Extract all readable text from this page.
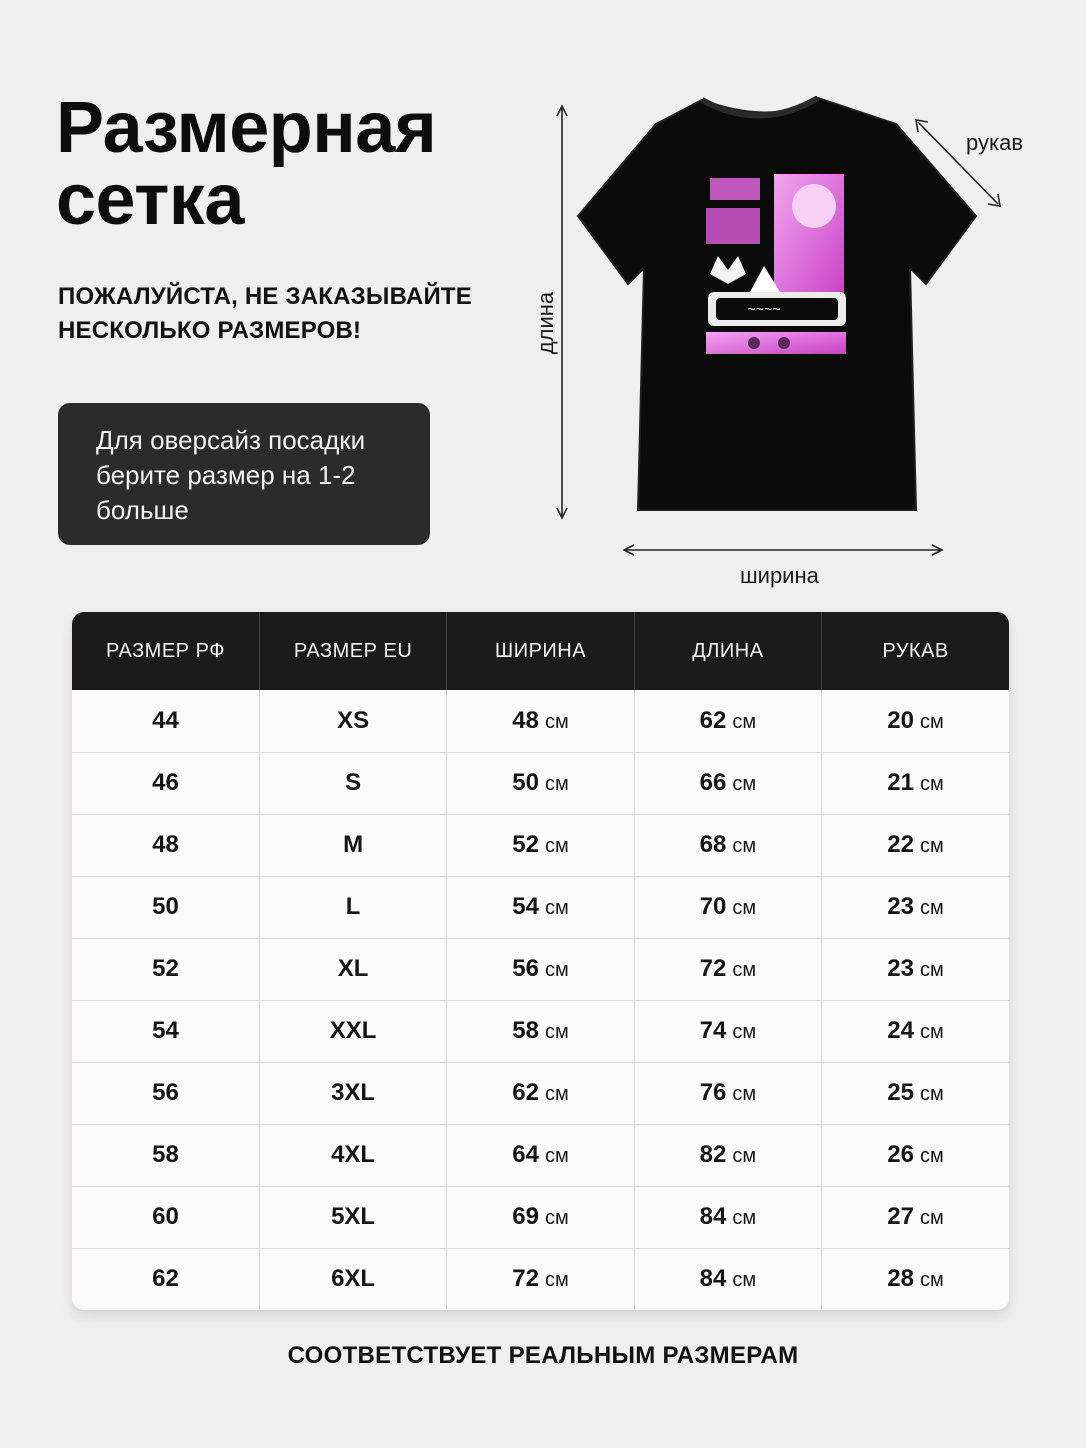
Размерная
сетка
ПОЖАЛУЙСТА, НЕ ЗАКАЗЫВАЙТЕ
НЕСКОЛЬКО РАЗМЕРОВ!
Для оверсайз посадки
берите размер на 1-2
больше
длина
ширина
рукав
~~~~
РАЗМЕР РФ	РАЗМЕР EU	ШИРИНА	ДЛИНА	РУКАВ
44	XS	48 см	62 см	20 см
46	S	50 см	66 см	21 см
48	M	52 см	68 см	22 см
50	L	54 см	70 см	23 см
52	XL	56 см	72 см	23 см
54	XXL	58 см	74 см	24 см
56	3XL	62 см	76 см	25 см
58	4XL	64 см	82 см	26 см
60	5XL	69 см	84 см	27 см
62	6XL	72 см	84 см	28 см
СООТВЕТСТВУЕТ РЕАЛЬНЫМ РАЗМЕРАМ
